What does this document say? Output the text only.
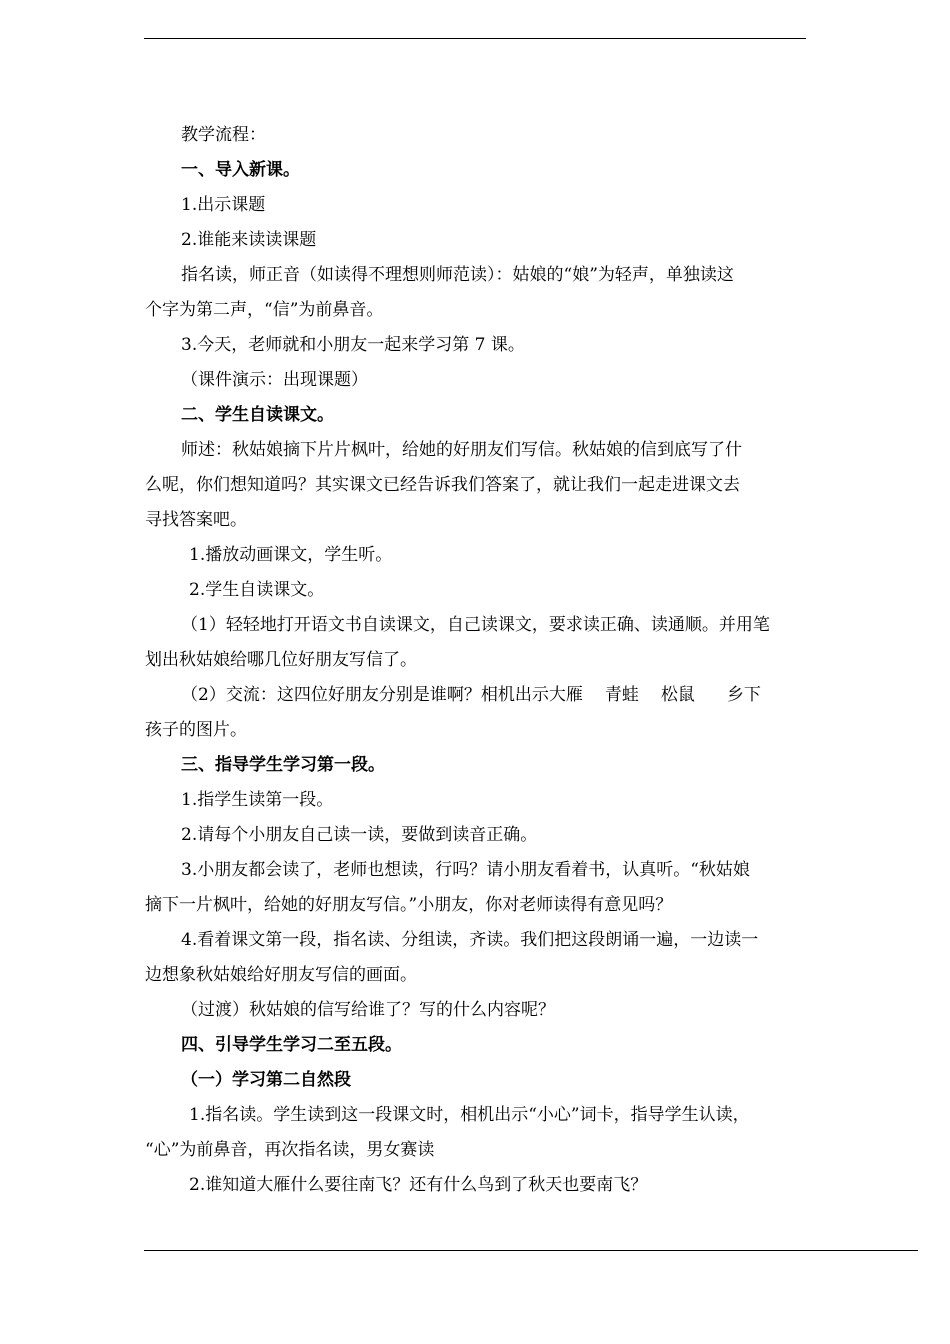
教学流程：

一、导入新课。

1.出示课题

2.谁能来读读课题

指名读，师正音（如读得不理想则师范读）：姑娘的“娘”为轻声，单独读这

个字为第二声，“信”为前鼻音。

3.今天，老师就和小朋友一起来学习第 7 课。

（课件演示：出现课题）

二、学生自读课文。

师述：秋姑娘摘下片片枫叶，给她的好朋友们写信。秋姑娘的信到底写了什

么呢，你们想知道吗？其实课文已经告诉我们答案了，就让我们一起走进课文去

寻找答案吧。

1.播放动画课文，学生听。

2.学生自读课文。

（1）轻轻地打开语文书自读课文，自己读课文，要求读正确、读通顺。并用笔

划出秋姑娘给哪几位好朋友写信了。

（2）交流：这四位好朋友分别是谁啊？相机出示大雁 青蛙 松鼠 乡下

孩子的图片。

三、指导学生学习第一段。

1.指学生读第一段。

2.请每个小朋友自己读一读，要做到读音正确。

3.小朋友都会读了，老师也想读，行吗？请小朋友看着书，认真听。“秋姑娘

摘下一片枫叶，给她的好朋友写信。”小朋友，你对老师读得有意见吗？

4.看着课文第一段，指名读、分组读，齐读。我们把这段朗诵一遍，一边读一

边想象秋姑娘给好朋友写信的画面。

（过渡）秋姑娘的信写给谁了？写的什么内容呢？

四、引导学生学习二至五段。

（一）学习第二自然段

1.指名读。学生读到这一段课文时，相机出示“小心”词卡，指导学生认读，

“心”为前鼻音，再次指名读，男女赛读

2.谁知道大雁什么要往南飞？还有什么鸟到了秋天也要南飞？
